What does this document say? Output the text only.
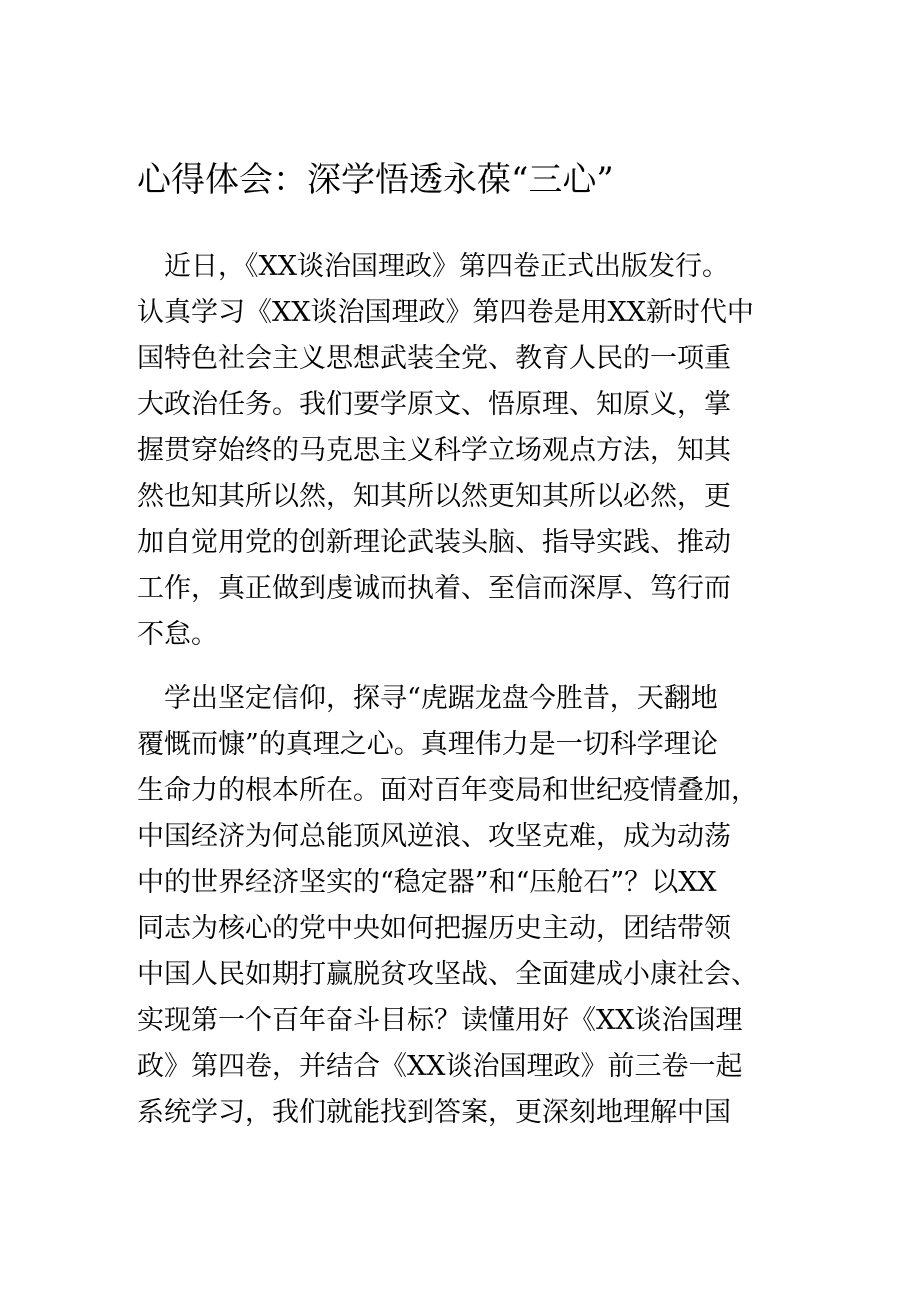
心得体会：深学悟透永葆“三心”

　近日，《XX谈治国理政》第四卷正式出版发行。
认真学习《XX谈治国理政》第四卷是用XX新时代中
国特色社会主义思想武装全党、教育人民的一项重
大政治任务。我们要学原文、悟原理、知原义，掌
握贯穿始终的马克思主义科学立场观点方法，知其
然也知其所以然，知其所以然更知其所以必然，更
加自觉用党的创新理论武装头脑、指导实践、推动
工作，真正做到虔诚而执着、至信而深厚、笃行而
不怠。

　学出坚定信仰，探寻“虎踞龙盘今胜昔，天翻地
覆慨而慷”的真理之心。真理伟力是一切科学理论
生命力的根本所在。面对百年变局和世纪疫情叠加，
中国经济为何总能顶风逆浪、攻坚克难，成为动荡
中的世界经济坚实的“稳定器”和“压舱石”？以XX
同志为核心的党中央如何把握历史主动，团结带领
中国人民如期打赢脱贫攻坚战、全面建成小康社会、
实现第一个百年奋斗目标？读懂用好《XX谈治国理
政》第四卷，并结合《XX谈治国理政》前三卷一起
系统学习，我们就能找到答案，更深刻地理解中国
